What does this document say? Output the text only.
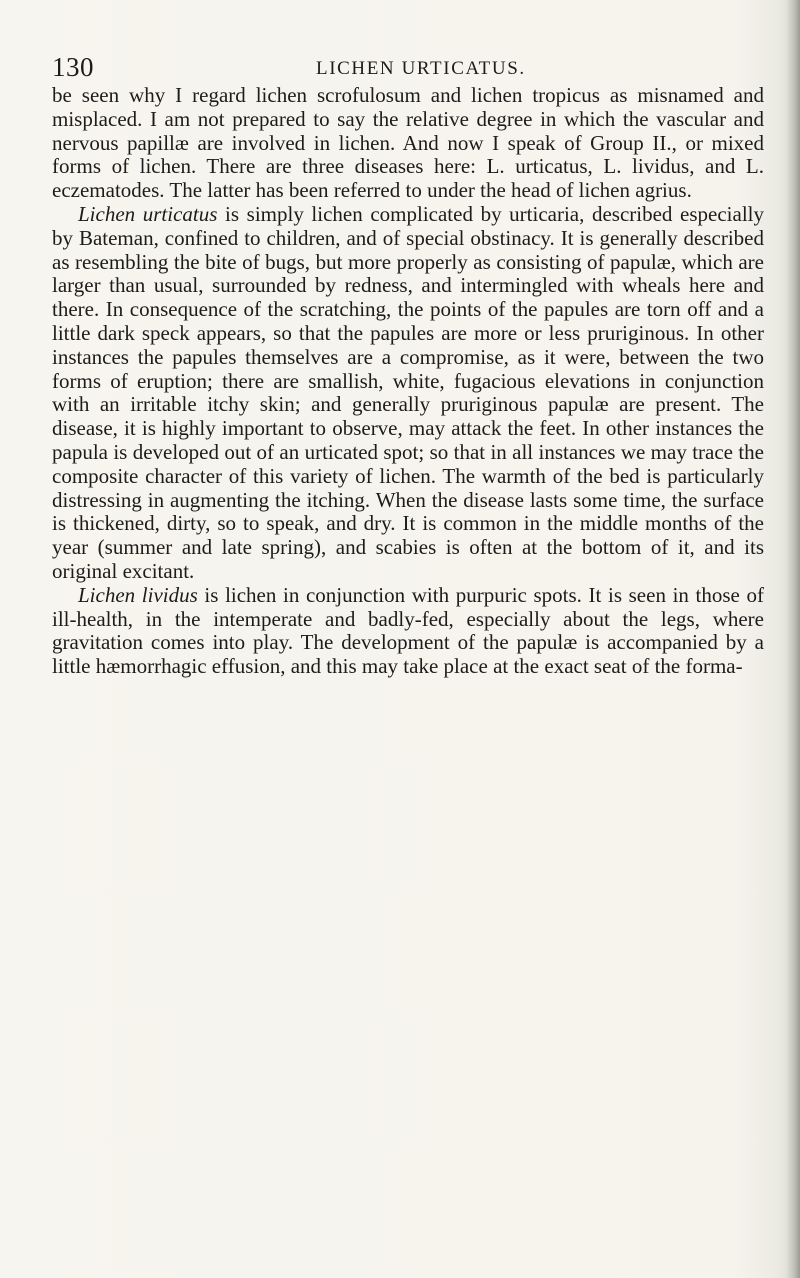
130	LICHEN URTICATUS.

be seen why I regard lichen scrofulosum and lichen tropicus as misnamed and misplaced. I am not prepared to say the relative degree in which the vascular and nervous papillæ are involved in lichen. And now I speak of Group II., or mixed forms of lichen. There are three diseases here: L. urticatus, L. lividus, and L. eczematodes. The latter has been referred to under the head of lichen agrius.

Lichen urticatus is simply lichen complicated by urticaria, described especially by Bateman, confined to children, and of special obstinacy. It is generally described as resembling the bite of bugs, but more properly as consisting of papulæ, which are larger than usual, surrounded by redness, and intermingled with wheals here and there. In consequence of the scratching, the points of the papules are torn off and a little dark speck appears, so that the papules are more or less pruriginous. In other instances the papules themselves are a compromise, as it were, between the two forms of eruption; there are smallish, white, fugacious elevations in conjunction with an irritable itchy skin; and generally pruriginous papulæ are present. The disease, it is highly important to observe, may attack the feet. In other instances the papula is developed out of an urticated spot; so that in all instances we may trace the composite character of this variety of lichen. The warmth of the bed is particularly distressing in augmenting the itching. When the disease lasts some time, the surface is thickened, dirty, so to speak, and dry. It is common in the middle months of the year (summer and late spring), and scabies is often at the bottom of it, and its original excitant.

Lichen lividus is lichen in conjunction with purpuric spots. It is seen in those of ill-health, in the intemperate and badly-fed, especially about the legs, where gravitation comes into play. The development of the papulæ is accompanied by a little hæmorrhagic effusion, and this may take place at the exact seat of the forma-
